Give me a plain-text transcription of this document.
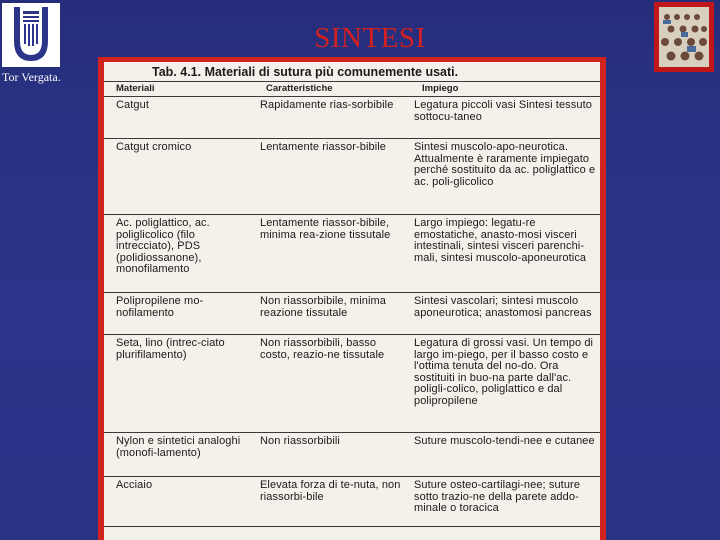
Tor Vergata.
SINTESI
Tab. 4.1. Materiali di sutura più comunemente usati.
Materiali	Caratteristiche	Impiego
Catgut	Rapidamente rias-sorbibile	Legatura piccoli vasi Sintesi tessuto sottocu-taneo
Catgut cromico	Lentamente riassor-bibile	Sintesi muscolo-apo-neurotica. Attualmente è raramente impiegato perché sostituito da ac. poliglattico e ac. poli-glicolico
Ac. poliglattico, ac. poliglicolico (filo intrecciato), PDS (polidiossanone), monofilamento	Lentamente riassor-bibile, minima rea-zione tissutale	Largo impiego: legatu-re emostatiche, anasto-mosi visceri intestinali, sintesi visceri parenchi-mali, sintesi muscolo-aponeurotica
Polipropilene mo-nofilamento	Non riassorbibile, minima reazione tissutale	Sintesi vascolari; sintesi muscolo aponeurotica; anastomosi pancreas
Seta, lino (intrec-ciato plurifilamento)	Non riassorbibili, basso costo, reazio-ne tissutale	Legatura di grossi vasi. Un tempo di largo im-piego, per il basso costo e l'ottima tenuta del no-do. Ora sostituiti in buo-na parte dall'ac. poligli-colico, poliglattico e dal polipropilene
Nylon e sintetici analoghi (monofi-lamento)	Non riassorbibili	Suture muscolo-tendi-nee e cutanee
Acciaio	Elevata forza di te-nuta, non riassorbi-bile	Suture osteo-cartilagi-nee; suture sotto trazio-ne della parete addo-minale o toracica
